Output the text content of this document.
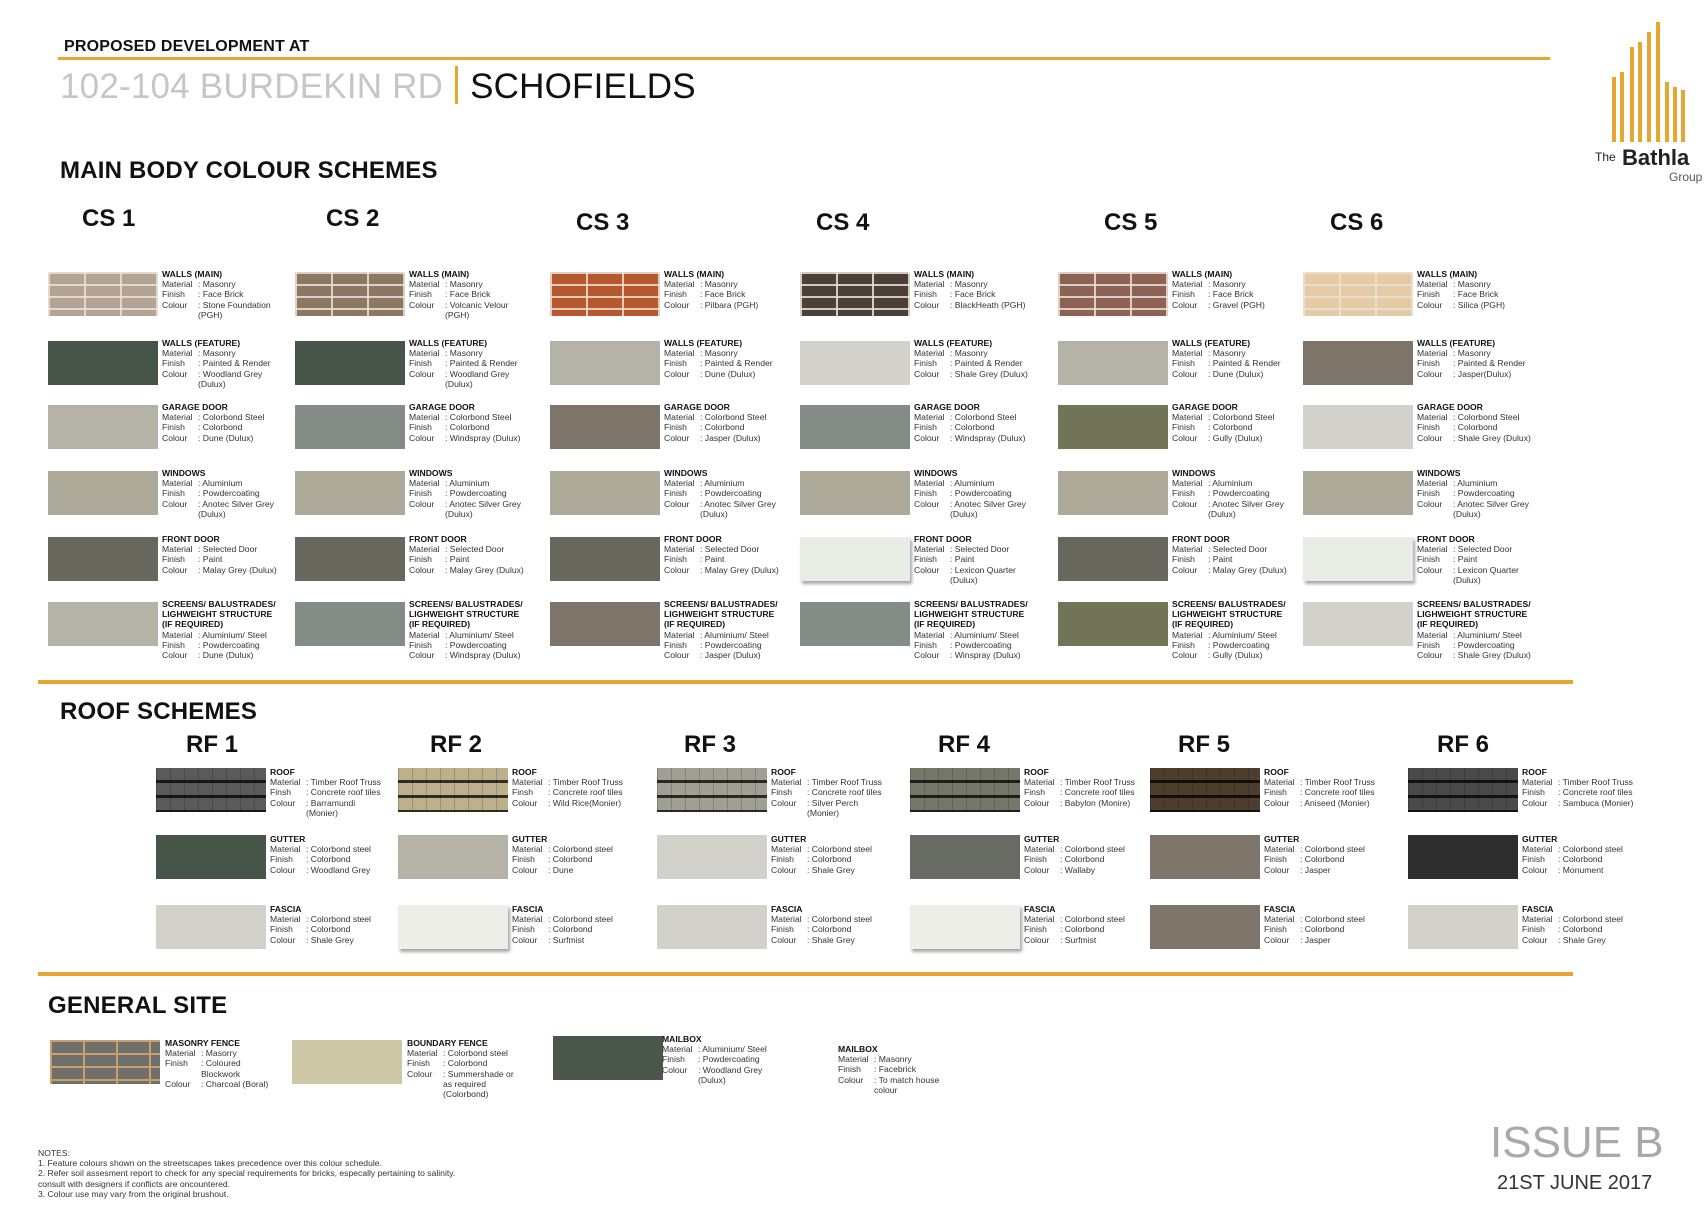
PROPOSED DEVELOPMENT AT
102-104 BURDEKIN RD SCHOFIELDS
The Bathla
Group
MAIN BODY COLOUR SCHEMES
CS 1
WALLS (MAIN)
Material : Masonry
Finish	: Face Brick
Colour	: Stone Foundation (PGH)
WALLS (FEATURE)
Material : Masonry
Finish	: Painted & Render
Colour	: Woodland Grey (Dulux)
GARAGE DOOR
Material : Colorbond Steel
Finish	: Colorbond
Colour	: Dune (Dulux)
WINDOWS
Material : Aluminium
Finish	: Powdercoating
Colour	: Anotec Silver Grey (Dulux)
FRONT DOOR
Material : Selected Door
Finish	: Paint
Colour	: Malay Grey (Dulux)
SCREENS/ BALUSTRADES/ LIGHWEIGHT STRUCTURE (IF REQUIRED)
Material : Aluminium/ Steel
Finish	: Powdercoating
Colour	: Dune (Dulux)
CS 2
WALLS (MAIN)
Material : Masonry
Finish	: Face Brick
Colour	: Volcanic Velour (PGH)
WALLS (FEATURE)
Material : Masonry
Finish	: Painted & Render
Colour	: Woodland Grey (Dulux)
GARAGE DOOR
Material : Colorbond Steel
Finish	: Colorbond
Colour	: Windspray (Dulux)
WINDOWS
Material : Aluminium
Finish	: Powdercoating
Colour	: Anotec Silver Grey (Dulux)
FRONT DOOR
Material : Selected Door
Finish	: Paint
Colour	: Malay Grey (Dulux)
SCREENS/ BALUSTRADES/ LIGHWEIGHT STRUCTURE (IF REQUIRED)
Material : Aluminium/ Steel
Finish	: Powdercoating
Colour	: Windspray (Dulux)
CS 3
WALLS (MAIN)
Material : Masonry
Finish	: Face Brick
Colour	: Pilbara (PGH)
WALLS (FEATURE)
Material : Masonry
Finish	: Painted & Render
Colour	: Dune (Dulux)
GARAGE DOOR
Material : Colorbond Steel
Finish	: Colorbond
Colour	: Jasper (Dulux)
WINDOWS
Material : Aluminium
Finish	: Powdercoating
Colour	: Anotec Silver Grey (Dulux)
FRONT DOOR
Material : Selected Door
Finish	: Paint
Colour	: Malay Grey (Dulux)
SCREENS/ BALUSTRADES/ LIGHWEIGHT STRUCTURE (IF REQUIRED)
Material : Aluminium/ Steel
Finish	: Powdercoating
Colour	: Jasper (Dulux)
CS 4
WALLS (MAIN)
Material : Masonry
Finish	: Face Brick
Colour	: BlackHeath (PGH)
WALLS (FEATURE)
Material : Masonry
Finish	: Painted & Render
Colour	: Shale Grey (Dulux)
GARAGE DOOR
Material : Colorbond Steel
Finish	: Colorbond
Colour	: Windspray (Dulux)
WINDOWS
Material : Aluminium
Finish	: Powdercoating
Colour	: Anotec Silver Grey (Dulux)
FRONT DOOR
Material : Selected Door
Finish	: Paint
Colour	: Lexicon Quarter (Dulux)
SCREENS/ BALUSTRADES/ LIGHWEIGHT STRUCTURE (IF REQUIRED)
Material : Aluminium/ Steel
Finish	: Powdercoating
Colour	: Winspray (Dulux)
CS 5
WALLS (MAIN)
Material : Masonry
Finish	: Face Brick
Colour	: Gravel (PGH)
WALLS (FEATURE)
Material : Masonry
Finish	: Painted & Render
Colour	: Dune (Dulux)
GARAGE DOOR
Material : Colorbond Steel
Finish	: Colorbond
Colour	: Gully (Dulux)
WINDOWS
Material : Aluminium
Finish	: Powdercoating
Colour	: Anotec Silver Grey (Dulux)
FRONT DOOR
Material : Selected Door
Finish	: Paint
Colour	: Malay Grey (Dulux)
SCREENS/ BALUSTRADES/ LIGHWEIGHT STRUCTURE (IF REQUIRED)
Material : Aluminium/ Steel
Finish	: Powdercoating
Colour	: Gully (Dulux)
CS 6
WALLS (MAIN)
Material : Masonry
Finish	: Face Brick
Colour	: Silica (PGH)
WALLS (FEATURE)
Material : Masonry
Finish	: Painted & Render
Colour	: Jasper(Dulux)
GARAGE DOOR
Material : Colorbond Steel
Finish	: Colorbond
Colour	: Shale Grey (Dulux)
WINDOWS
Material : Aluminium
Finish	: Powdercoating
Colour	: Anotec Silver Grey (Dulux)
FRONT DOOR
Material : Selected Door
Finish	: Paint
Colour	: Lexicon Quarter (Dulux)
SCREENS/ BALUSTRADES/ LIGHWEIGHT STRUCTURE (IF REQUIRED)
Material : Aluminium/ Steel
Finish	: Powdercoating
Colour	: Shale Grey (Dulux)
ROOF SCHEMES
RF 1
ROOF
Material : Timber Roof Truss
Finsh	: Concrete roof tiles
Colour	: Barramundi (Monier)
GUTTER
Material : Colorbond steel
Finish	: Colorbond
Colour	: Woodland Grey
FASCIA
Material : Colorbond steel
Finish	: Colorbond
Colour	: Shale Grey
RF 2
ROOF
Material : Timber Roof Truss
Finsh	: Concrete roof tiles
Colour	: Wild Rice(Monier)
GUTTER
Material : Colorbond steel
Finish	: Colorbond
Colour	: Dune
FASCIA
Material : Colorbond steel
Finish	: Colorbond
Colour	: Surfmist
RF 3
ROOF
Material : Timber Roof Truss
Finsh	: Concrete roof tiles
Colour	: Silver Perch (Monier)
GUTTER
Material : Colorbond steel
Finish	: Colorbond
Colour	: Shale Grey
FASCIA
Material : Colorbond steel
Finish	: Colorbond
Colour	: Shale Grey
RF 4
ROOF
Material : Timber Roof Truss
Finsh	: Concrete roof tiles
Colour	: Babylon (Monire)
GUTTER
Material : Colorbond steel
Finish	: Colorbond
Colour	: Wallaby
FASCIA
Material : Colorbond steel
Finish	: Colorbond
Colour	: Surfmist
RF 5
ROOF
Material : Timber Roof Truss
Finish	: Concrete roof tiles
Colour	: Aniseed (Monier)
GUTTER
Material : Colorbond steel
Finish	: Colorbond
Colour	: Jasper
FASCIA
Material : Colorbond steel
Finish	: Colorbond
Colour	: Jasper
RF 6
ROOF
Material : Timber Roof Truss
Finish	: Concrete roof tiles
Colour	: Sambuca (Monier)
GUTTER
Material : Colorbond steel
Finish	: Colorbond
Colour	: Monument
FASCIA
Material : Colorbond steel
Finish	: Colorbond
Colour	: Shale Grey
GENERAL SITE
MASONRY FENCE
Material : Masorry
Finish	: Coloured Blockwork
Colour	: Charcoal (Boral)
BOUNDARY FENCE
Material : Colorbond steel
Finish	: Colorbond
Colour	: Summershade or as required (Colorbond)
MAILBOX
Material : Aluminium/ Steel
Finish	: Powdercoating
Colour	: Woodland Grey (Dulux)
MAILBOX
Material : Masonry
Finish	: Facebrick
Colour	: To match house colour
NOTES:
1. Feature colours shown on the streetscapes takes precedence over this colour schedule.
2. Refer soil assesment report to check for any special requirements for bricks, especally pertaining to salinity.
consult with designers if conflicts are oncountered.
3. Colour use may vary from the original brushout.
ISSUE B
21ST JUNE 2017
